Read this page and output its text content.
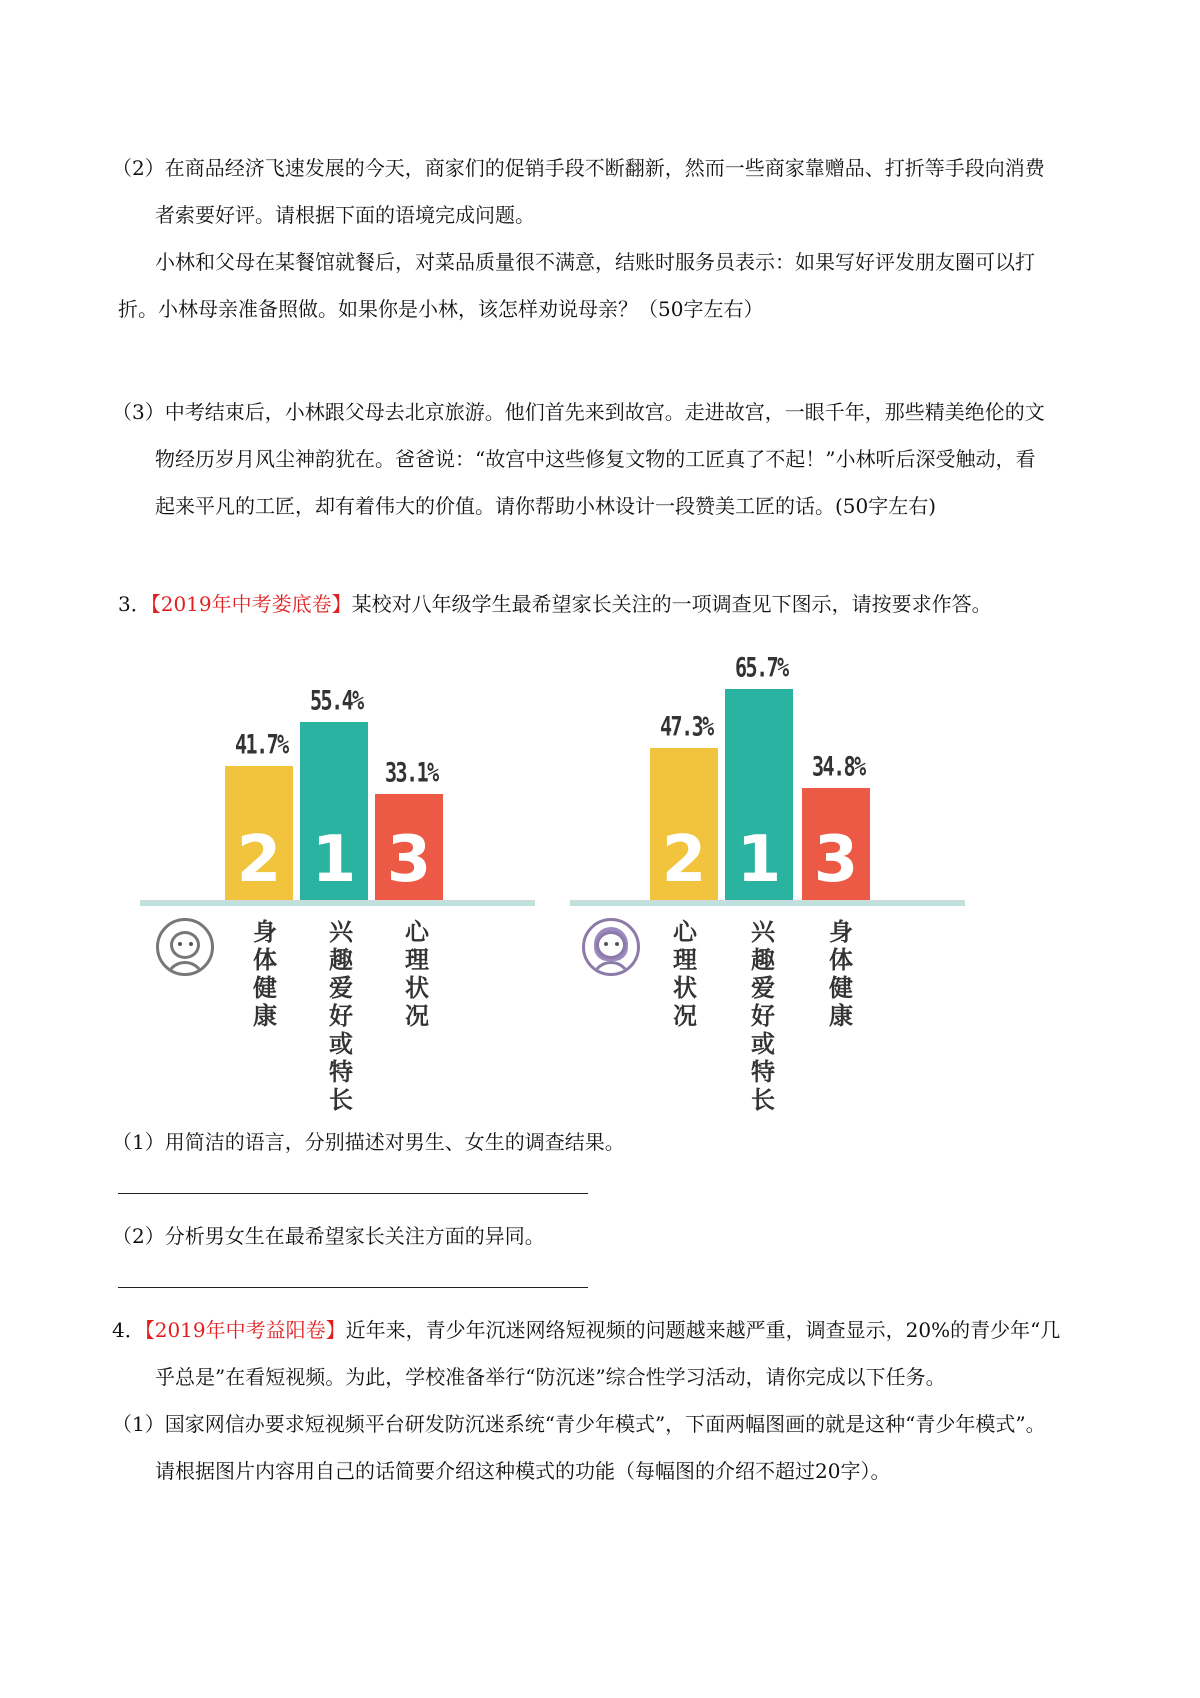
（2）在商品经济飞速发展的今天，商家们的促销手段不断翻新，然而一些商家靠赠品、打折等手段向消费
者索要好评。请根据下面的语境完成问题。
小林和父母在某餐馆就餐后，对菜品质量很不满意，结账时服务员表示：如果写好评发朋友圈可以打
折。小林母亲准备照做。如果你是小林，该怎样劝说母亲？（50字左右）
（3）中考结束后，小林跟父母去北京旅游。他们首先来到故宫。走进故宫，一眼千年，那些精美绝伦的文
物经历岁月风尘神韵犹在。爸爸说：“故宫中这些修复文物的工匠真了不起！”小林听后深受触动，看
起来平凡的工匠，却有着伟大的价值。请你帮助小林设计一段赞美工匠的话。(50字左右)
3．【2019年中考娄底卷】某校对八年级学生最希望家长关注的一项调查见下图示，请按要求作答。
2
41.7%
1
55.4%
3
33.1%
身体健康
兴趣爱好或特长
心理状况
2
47.3%
1
65.7%
3
34.8%
心理状况
兴趣爱好或特长
身体健康
（1）用简洁的语言，分别描述对男生、女生的调查结果。
（2）分析男女生在最希望家长关注方面的异同。
4．【2019年中考益阳卷】近年来，青少年沉迷网络短视频的问题越来越严重，调查显示，20%的青少年“几
乎总是”在看短视频。为此，学校准备举行“防沉迷”综合性学习活动，请你完成以下任务。
（1）国家网信办要求短视频平台研发防沉迷系统“青少年模式”，下面两幅图画的就是这种“青少年模式”。
请根据图片内容用自己的话简要介绍这种模式的功能（每幅图的介绍不超过20字）。
